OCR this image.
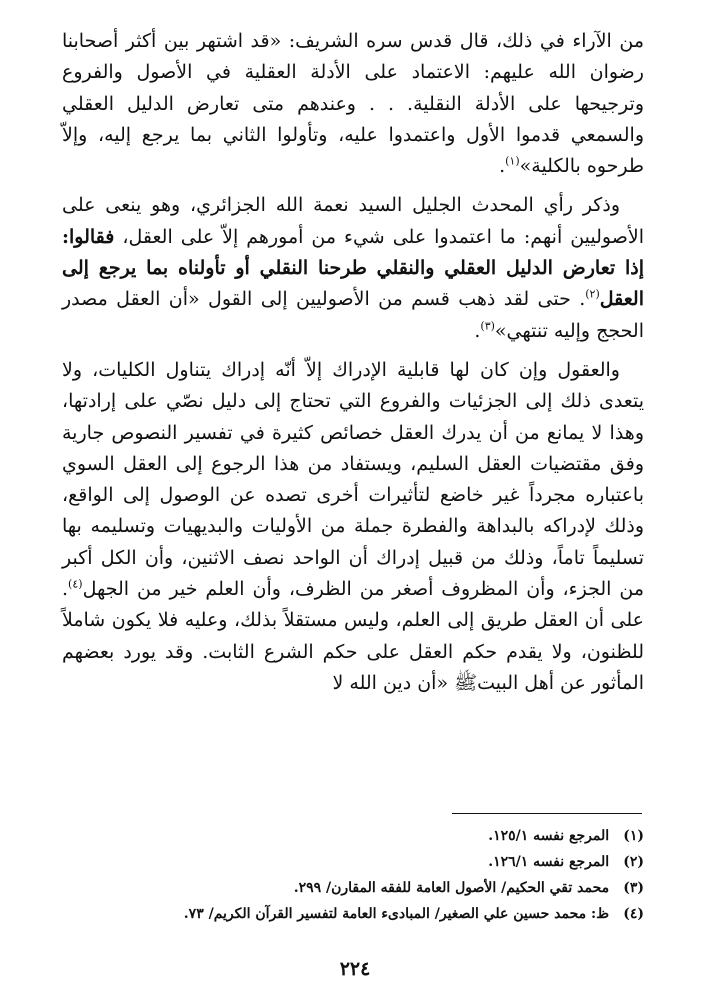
من الآراء في ذلك، قال قدس سره الشريف: «قد اشتهر بين أكثر أصحابنا رضوان الله عليهم: الاعتماد على الأدلة العقلية في الأصول والفروع وترجيحها على الأدلة النقلية. . . وعندهم متى تعارض الدليل العقلي والسمعي قدموا الأول واعتمدوا عليه، وتأولوا الثاني بما يرجع إليه، وإلاّ طرحوه بالكلية»$^{(١)}$.

وذكر رأي المحدث الجليل السيد نعمة الله الجزائري، وهو ينعى على الأصوليين أنهم: ما اعتمدوا على شيء من أمورهم إلاّ على العقل، فقالوا: إذا تعارض الدليل العقلي والنقلي طرحنا النقلي أو تأولناه بما يرجع إلى العقل$^{(٢)}$. حتى لقد ذهب قسم من الأصوليين إلى القول «أن العقل مصدر الحجج وإليه تنتهي»$^{(٣)}$.

والعقول وإن كان لها قابلية الإدراك إلاّ أنّه إدراك يتناول الكليات، ولا يتعدى ذلك إلى الجزئيات والفروع التي تحتاج إلى دليل نصّي على إرادتها، وهذا لا يمانع من أن يدرك العقل خصائص كثيرة في تفسير النصوص جارية وفق مقتضيات العقل السليم، ويستفاد من هذا الرجوع إلى العقل السوي باعتباره مجرداً غير خاضع لتأثيرات أخرى تصده عن الوصول إلى الواقع، وذلك لإدراكه بالبداهة والفطرة جملة من الأوليات والبديهيات وتسليمه بها تسليماً تاماً، وذلك من قبيل إدراك أن الواحد نصف الاثنين، وأن الكل أكبر من الجزء، وأن المظروف أصغر من الظرف، وأن العلم خير من الجهل$^{(٤)}$. على أن العقل طريق إلى العلم، وليس مستقلاً بذلك، وعليه فلا يكون شاملاً للظنون، ولا يقدم حكم العقل على حكم الشرع الثابت. وقد يورد بعضهم المأثور عن أهل البيتﷺ «أن دين الله لا

(١) المرجع نفسه ١٢٥/١.
(٢) المرجع نفسه ١٢٦/١.
(٣) محمد تقي الحكيم/ الأصول العامة للفقه المقارن/ ٢٩٩.
(٤) ظ: محمد حسين علي الصغير/ المبادىء العامة لتفسير القرآن الكريم/ ٧٣.
٢٢٤
